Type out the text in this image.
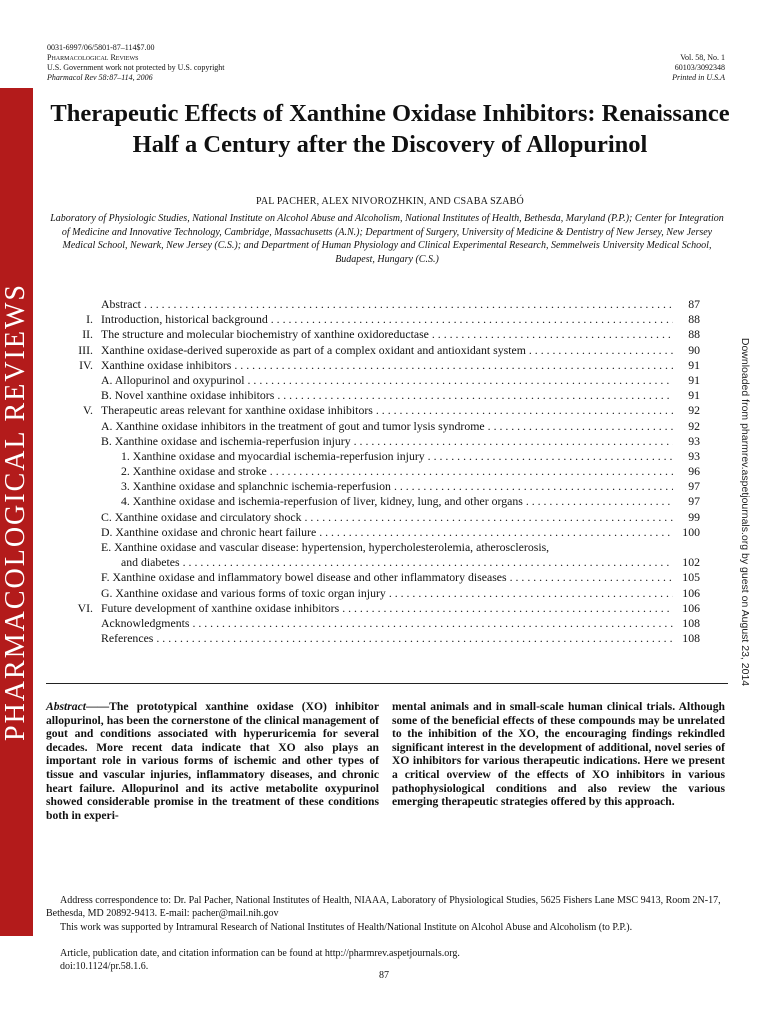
PHARMACOLOGICAL REVIEWS	Downloaded from pharmrev.aspetjournals.org by guest on August 23, 2014
0031-6997/06/5801-87–114$7.00
Pharmacological Reviews
U.S. Government work not protected by U.S. copyright
Pharmacol Rev 58:87–114, 2006
Vol. 58, No. 1
60103/3092348
Printed in U.S.A
Therapeutic Effects of Xanthine Oxidase Inhibitors: Renaissance Half a Century after the Discovery of Allopurinol
PAL PACHER, ALEX NIVOROZHKIN, AND CSABA SZABÓ
Laboratory of Physiologic Studies, National Institute on Alcohol Abuse and Alcoholism, National Institutes of Health, Bethesda, Maryland (P.P.); Center for Integration of Medicine and Innovative Technology, Cambridge, Massachusetts (A.N.); Department of Surgery, University of Medicine & Dentistry of New Jersey, New Jersey Medical School, Newark, New Jersey (C.S.); and Department of Human Physiology and Clinical Experimental Research, Semmelweis University Medical School, Budapest, Hungary (C.S.)
Abstract . . .	87
I. Introduction, historical background . . .	88
II. The structure and molecular biochemistry of xanthine oxidoreductase . . .	88
III. Xanthine oxidase-derived superoxide as part of a complex oxidant and antioxidant system . . .	90
IV. Xanthine oxidase inhibitors . . .	91
A. Allopurinol and oxypurinol . . .	91
B. Novel xanthine oxidase inhibitors . . .	91
V. Therapeutic areas relevant for xanthine oxidase inhibitors . . .	92
A. Xanthine oxidase inhibitors in the treatment of gout and tumor lysis syndrome . . .	92
B. Xanthine oxidase and ischemia-reperfusion injury . . .	93
1. Xanthine oxidase and myocardial ischemia-reperfusion injury . . .	93
2. Xanthine oxidase and stroke . . .	96
3. Xanthine oxidase and splanchnic ischemia-reperfusion . . .	97
4. Xanthine oxidase and ischemia-reperfusion of liver, kidney, lung, and other organs . . .	97
C. Xanthine oxidase and circulatory shock . . .	99
D. Xanthine oxidase and chronic heart failure . . .	100
E. Xanthine oxidase and vascular disease: hypertension, hypercholesterolemia, atherosclerosis,
and diabetes . . .	102
F. Xanthine oxidase and inflammatory bowel disease and other inflammatory diseases . . .	105
G. Xanthine oxidase and various forms of toxic organ injury . . .	106
VI. Future development of xanthine oxidase inhibitors . . .	106
Acknowledgments . . .	108
References . . .	108

Abstract——The prototypical xanthine oxidase (XO) inhibitor allopurinol, has been the cornerstone of the clinical management of gout and conditions associated with hyperuricemia for several decades. More recent data indicate that XO also plays an important role in various forms of ischemic and other types of tissue and vascular injuries, inflammatory diseases, and chronic heart failure. Allopurinol and its active metabolite oxypurinol showed considerable promise in the treatment of these conditions both in experi-

mental animals and in small-scale human clinical trials. Although some of the beneficial effects of these compounds may be unrelated to the inhibition of the XO, the encouraging findings rekindled significant interest in the development of additional, novel series of XO inhibitors for various therapeutic indications. Here we present a critical overview of the effects of XO inhibitors in various pathophysiological conditions and also review the various emerging therapeutic strategies offered by this approach.

Address correspondence to: Dr. Pal Pacher, National Institutes of Health, NIAAA, Laboratory of Physiological Studies, 5625 Fishers Lane MSC 9413, Room 2N-17, Bethesda, MD 20892-9413. E-mail: pacher@mail.nih.gov

This work was supported by Intramural Research of National Institutes of Health/National Institute on Alcohol Abuse and Alcoholism (to P.P.).

Article, publication date, and citation information can be found at http://pharmrev.aspetjournals.org.
doi:10.1124/pr.58.1.6.
87
